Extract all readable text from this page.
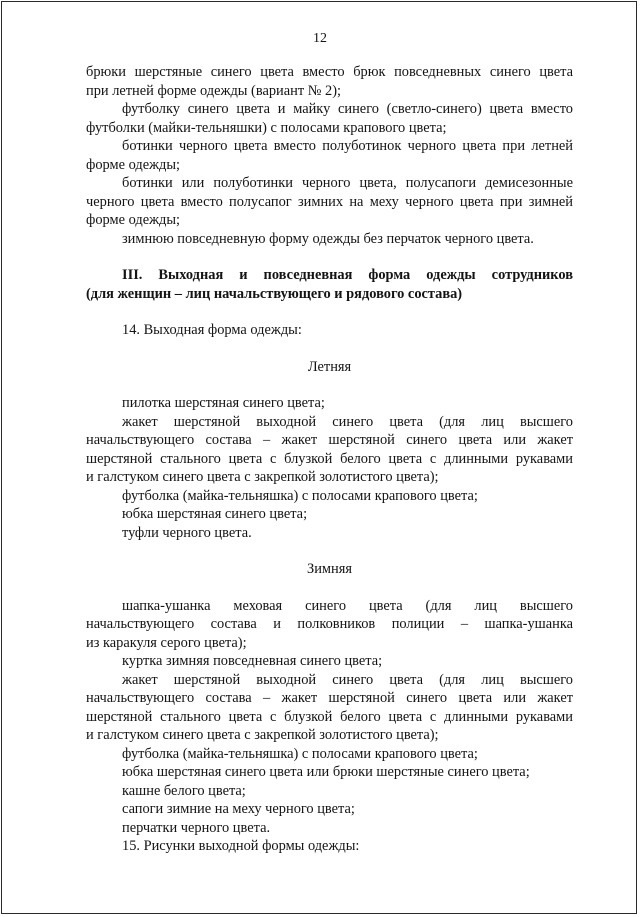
12
брюки шерстяные синего цвета вместо брюк повседневных синего цвета
при летней форме одежды (вариант № 2);
футболку синего цвета и майку синего (светло-синего) цвета вместо
футболки (майки-тельняшки) с полосами крапового цвета;
ботинки черного цвета вместо полуботинок черного цвета при летней
форме одежды;
ботинки или полуботинки черного цвета, полусапоги демисезонные
черного цвета вместо полусапог зимних на меху черного цвета при зимней
форме одежды;
зимнюю повседневную форму одежды без перчаток черного цвета.
III. Выходная и повседневная форма одежды сотрудников
(для женщин – лиц начальствующего и рядового состава)
14. Выходная форма одежды:
Летняя
пилотка шерстяная синего цвета;
жакет шерстяной выходной синего цвета (для лиц высшего
начальствующего состава – жакет шерстяной синего цвета или жакет
шерстяной стального цвета с блузкой белого цвета с длинными рукавами
и галстуком синего цвета с закрепкой золотистого цвета);
футболка (майка-тельняшка) с полосами крапового цвета;
юбка шерстяная синего цвета;
туфли черного цвета.
Зимняя
шапка-ушанка меховая синего цвета (для лиц высшего
начальствующего состава и полковников полиции – шапка-ушанка
из каракуля серого цвета);
куртка зимняя повседневная синего цвета;
жакет шерстяной выходной синего цвета (для лиц высшего
начальствующего состава – жакет шерстяной синего цвета или жакет
шерстяной стального цвета с блузкой белого цвета с длинными рукавами
и галстуком синего цвета с закрепкой золотистого цвета);
футболка (майка-тельняшка) с полосами крапового цвета;
юбка шерстяная синего цвета или брюки шерстяные синего цвета;
кашне белого цвета;
сапоги зимние на меху черного цвета;
перчатки черного цвета.
15. Рисунки выходной формы одежды:
